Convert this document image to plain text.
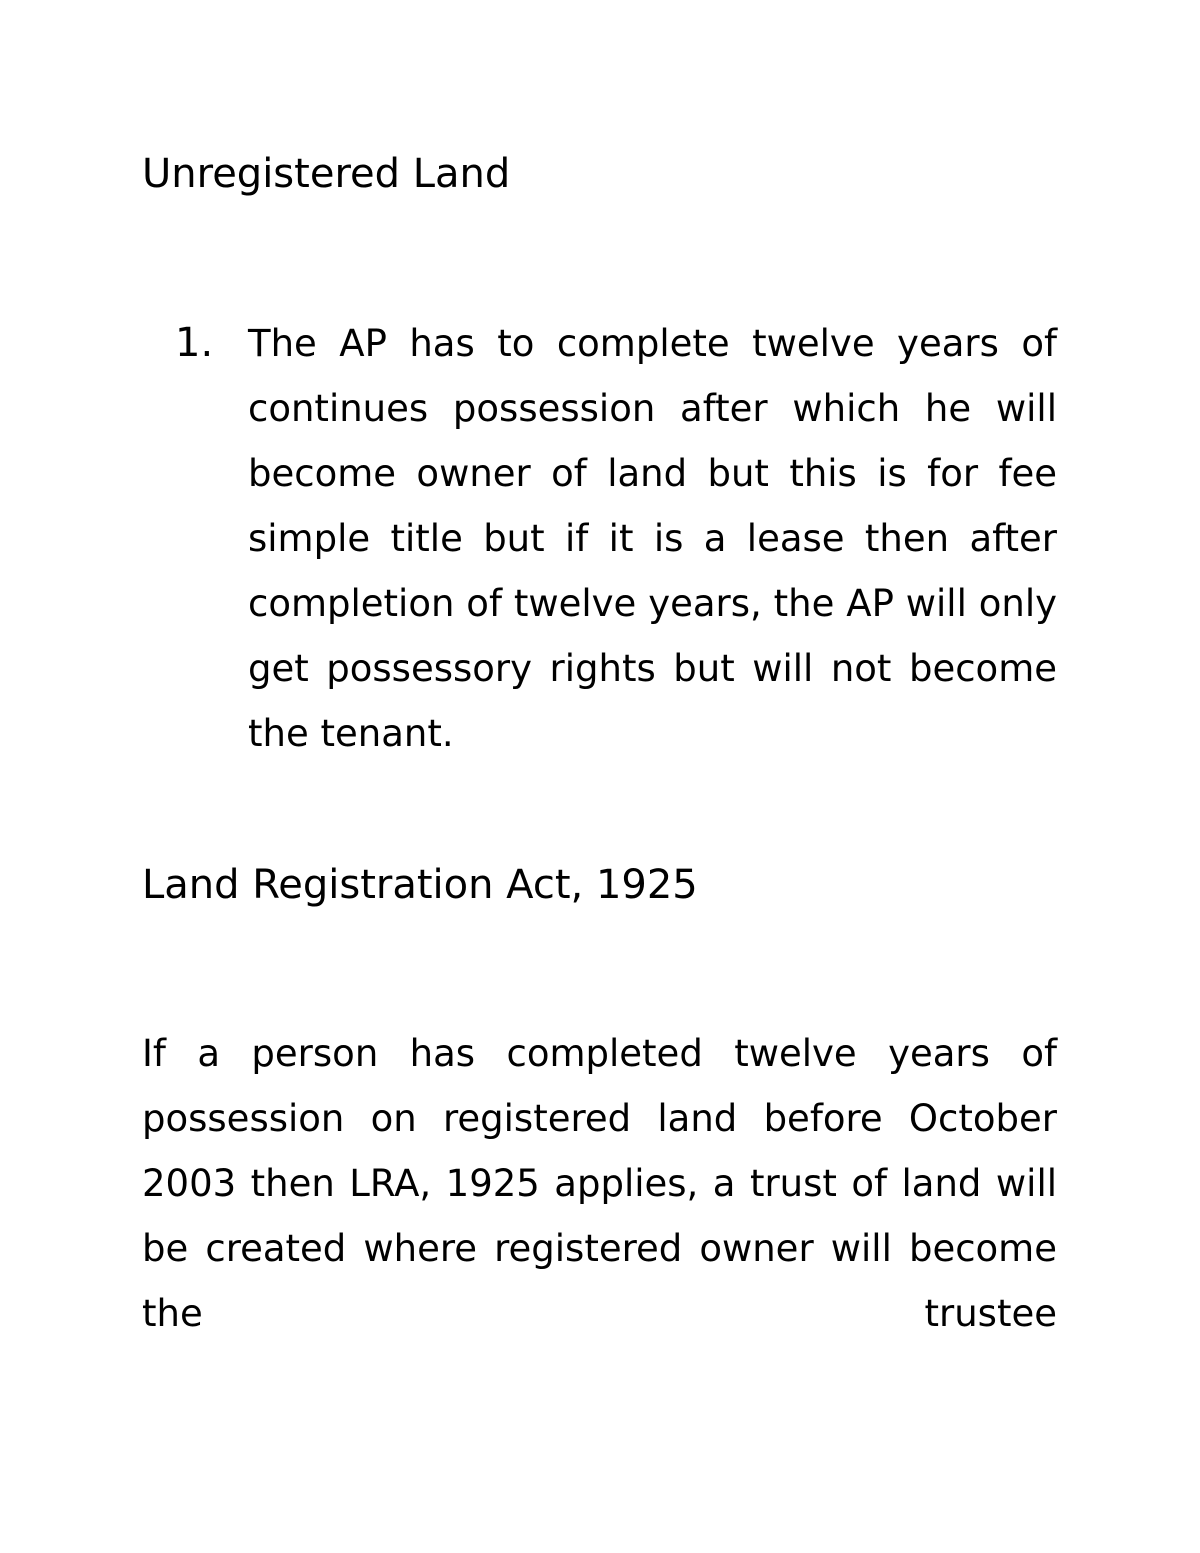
Unregistered Land
1. The AP has to complete twelve years of continues possession after which he will become owner of land but this is for fee simple title but if it is a lease then after completion of twelve years, the AP will only get possessory rights but will not become the tenant.

Land Registration Act, 1925

If a person has completed twelve years of possession on registered land before October 2003 then LRA, 1925 applies, a trust of land will be created where registered owner will become the trustee
